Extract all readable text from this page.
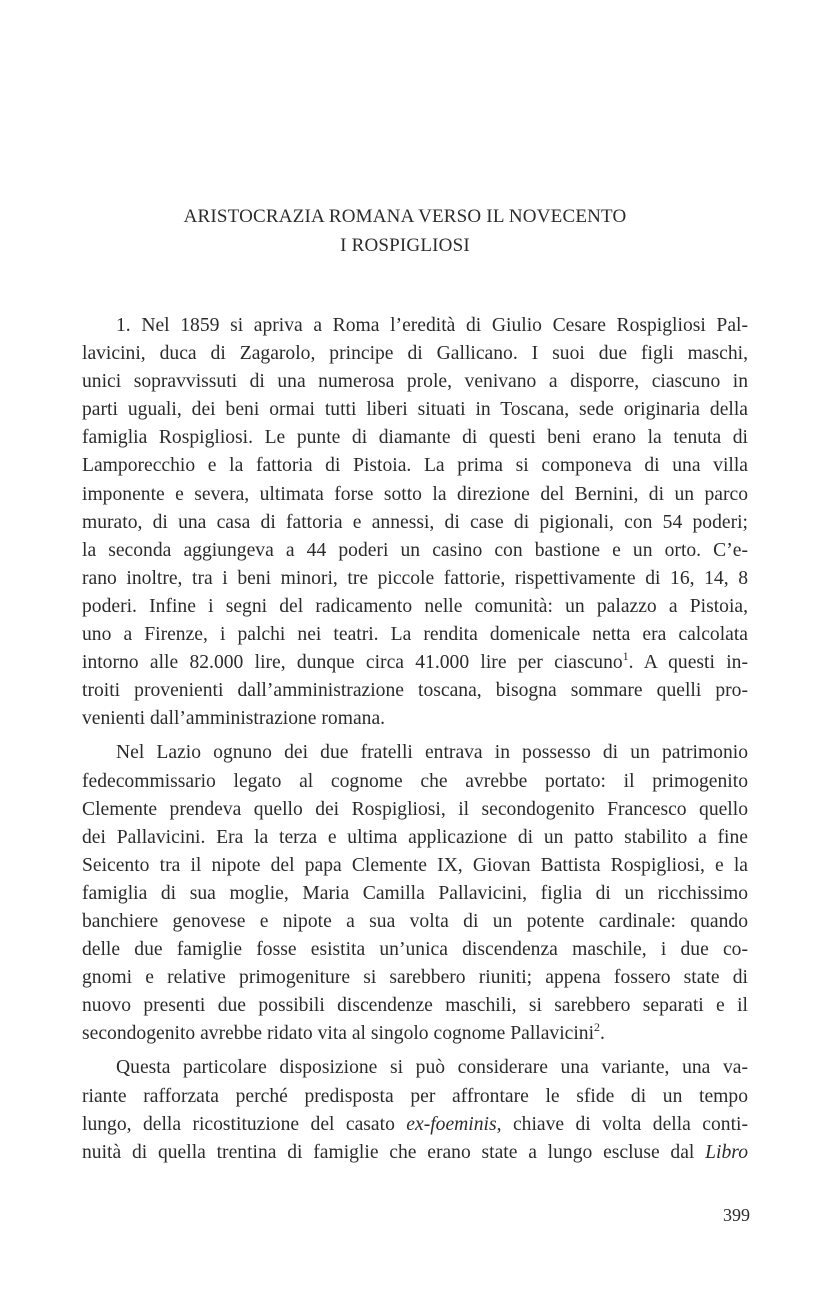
ARISTOCRAZIA ROMANA VERSO IL NOVECENTO
I ROSPIGLIOSI
1. Nel 1859 si apriva a Roma l’eredità di Giulio Cesare Rospigliosi Pal-
lavicini, duca di Zagarolo, principe di Gallicano. I suoi due figli maschi,
unici sopravvissuti di una numerosa prole, venivano a disporre, ciascuno in
parti uguali, dei beni ormai tutti liberi situati in Toscana, sede originaria della
famiglia Rospigliosi. Le punte di diamante di questi beni erano la tenuta di
Lamporecchio e la fattoria di Pistoia. La prima si componeva di una villa
imponente e severa, ultimata forse sotto la direzione del Bernini, di un parco
murato, di una casa di fattoria e annessi, di case di pigionali, con 54 poderi;
la seconda aggiungeva a 44 poderi un casino con bastione e un orto. C’e-
rano inoltre, tra i beni minori, tre piccole fattorie, rispettivamente di 16, 14, 8
poderi. Infine i segni del radicamento nelle comunità: un palazzo a Pistoia,
uno a Firenze, i palchi nei teatri. La rendita domenicale netta era calcolata
intorno alle 82.000 lire, dunque circa 41.000 lire per ciascuno$^1$. A questi in-
troiti provenienti dall’amministrazione toscana, bisogna sommare quelli pro-
venienti dall’amministrazione romana.
Nel Lazio ognuno dei due fratelli entrava in possesso di un patrimonio
fedecommissario legato al cognome che avrebbe portato: il primogenito
Clemente prendeva quello dei Rospigliosi, il secondogenito Francesco quello
dei Pallavicini. Era la terza e ultima applicazione di un patto stabilito a fine
Seicento tra il nipote del papa Clemente IX, Giovan Battista Rospigliosi, e la
famiglia di sua moglie, Maria Camilla Pallavicini, figlia di un ricchissimo
banchiere genovese e nipote a sua volta di un potente cardinale: quando
delle due famiglie fosse esistita un’unica discendenza maschile, i due co-
gnomi e relative primogeniture si sarebbero riuniti; appena fossero state di
nuovo presenti due possibili discendenze maschili, si sarebbero separati e il
secondogenito avrebbe ridato vita al singolo cognome Pallavicini$^2$.
Questa particolare disposizione si può considerare una variante, una va-
riante rafforzata perché predisposta per affrontare le sfide di un tempo
lungo, della ricostituzione del casato ex-foeminis, chiave di volta della conti-
nuità di quella trentina di famiglie che erano state a lungo escluse dal Libro
399
